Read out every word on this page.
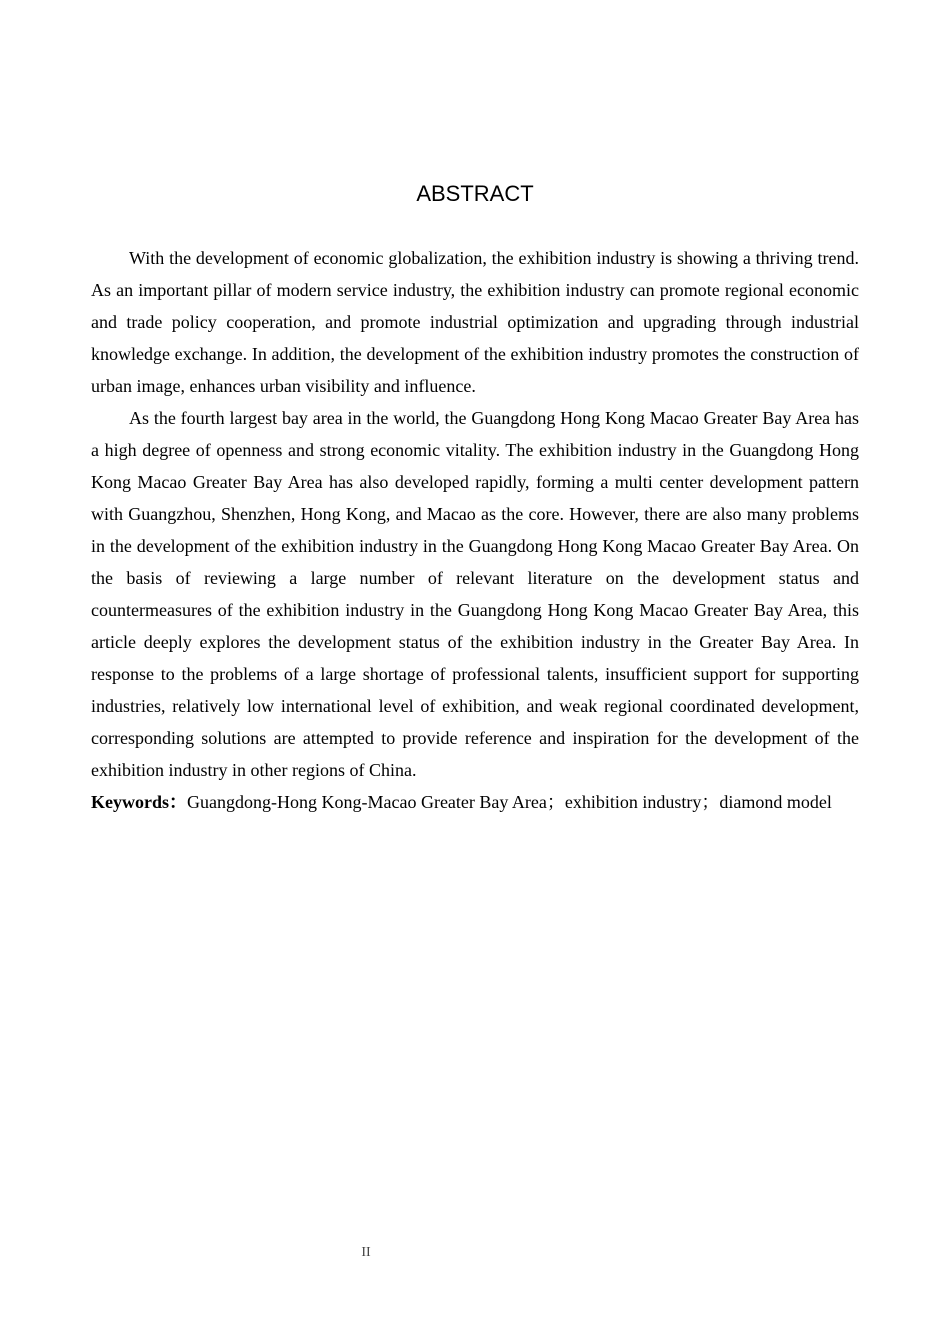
ABSTRACT

With the development of economic globalization, the exhibition industry is showing a thriving trend. As an important pillar of modern service industry, the exhibition industry can promote regional economic and trade policy cooperation, and promote industrial optimization and upgrading through industrial knowledge exchange. In addition, the development of the exhibition industry promotes the construction of urban image, enhances urban visibility and influence.

As the fourth largest bay area in the world, the Guangdong Hong Kong Macao Greater Bay Area has a high degree of openness and strong economic vitality. The exhibition industry in the Guangdong Hong Kong Macao Greater Bay Area has also developed rapidly, forming a multi center development pattern with Guangzhou, Shenzhen, Hong Kong, and Macao as the core. However, there are also many problems in the development of the exhibition industry in the Guangdong Hong Kong Macao Greater Bay Area. On the basis of reviewing a large number of relevant literature on the development status and countermeasures of the exhibition industry in the Guangdong Hong Kong Macao Greater Bay Area, this article deeply explores the development status of the exhibition industry in the Greater Bay Area. In response to the problems of a large shortage of professional talents, insufficient support for supporting industries, relatively low international level of exhibition, and weak regional coordinated development, corresponding solutions are attempted to provide reference and inspiration for the development of the exhibition industry in other regions of China.

Keywords：Guangdong-Hong Kong-Macao Greater Bay Area；exhibition industry；diamond model

II
